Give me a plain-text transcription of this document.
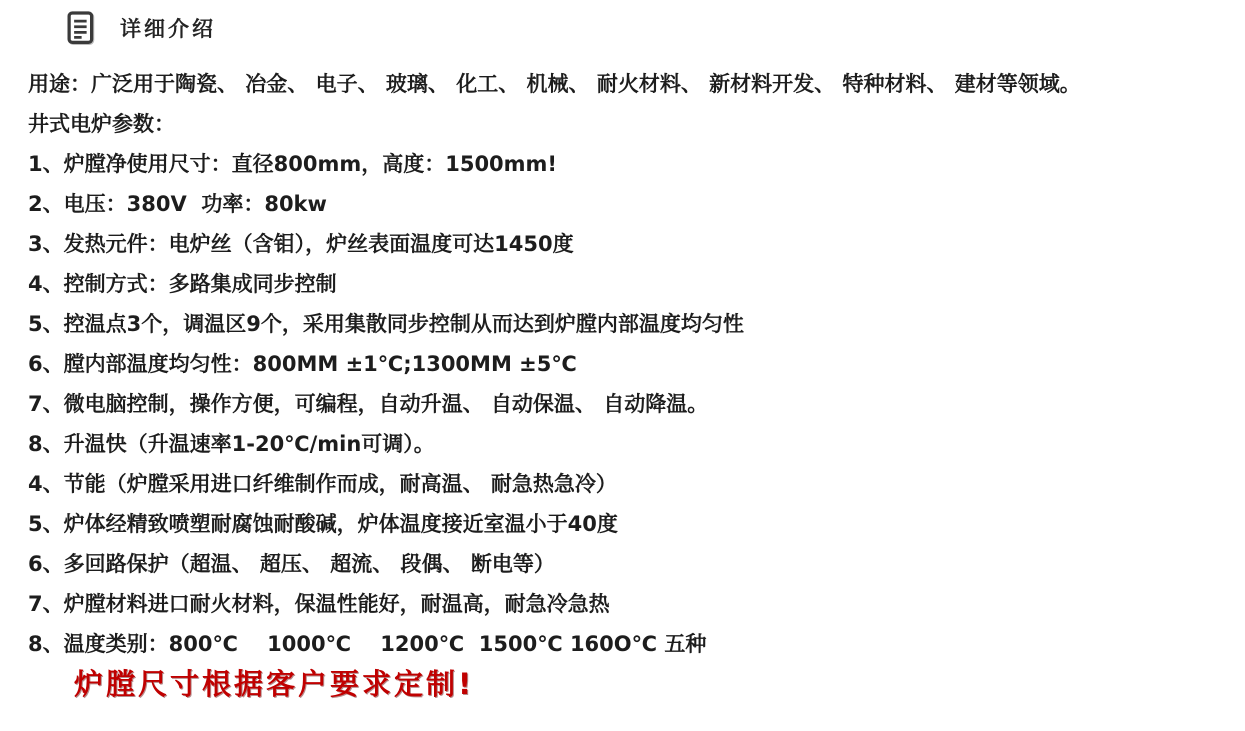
详细介绍

用途：广泛用于陶瓷、 冶金、 电子、 玻璃、 化工、 机械、 耐火材料、 新材料开发、 特种材料、 建材等领域。

井式电炉参数：

1、 炉膛净使用尺寸：直径800mm，高度：1500mm!
2、 电压：380V  功率：80kw
3、 发热元件：电炉丝（含钼），炉丝表面温度可达1450度
4、 控制方式：多路集成同步控制
5、 控温点3个，调温区9个，采用集散同步控制从而达到炉膛内部温度均匀性
6、 膛内部温度均匀性：800MM ±1℃;1300MM ±5℃
7、 微电脑控制，操作方便，可编程，自动升温、 自动保温、 自动降温。
8、 升温快（升温速率1-20℃/min可调）。
4、 节能（炉膛采用进口纤维制作而成，耐高温、 耐急热急冷）
5、 炉体经精致喷塑耐腐蚀耐酸碱，炉体温度接近室温小于40度
6、 多回路保护（超温、 超压、 超流、 段偶、 断电等）
7、 炉膛材料进口耐火材料，保温性能好，耐温高，耐急冷急热
8、 温度类别：800℃    1000℃    1200℃  1500℃ 160O℃ 五种

炉膛尺寸根据客户要求定制!
